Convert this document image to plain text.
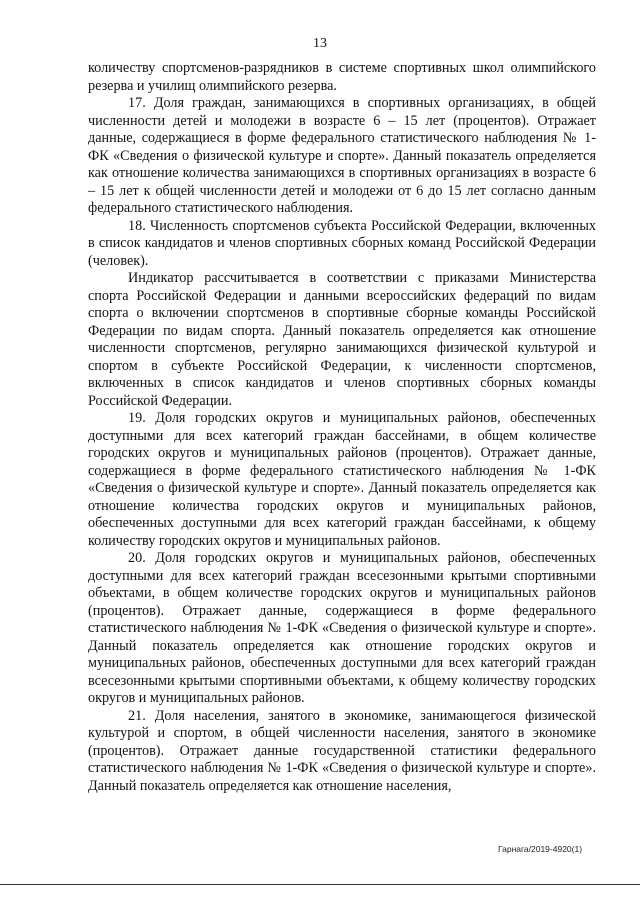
13

количеству спортсменов-разрядников в системе спортивных школ олимпийского резерва и училищ олимпийского резерва.

17. Доля граждан, занимающихся в спортивных организациях, в общей численности детей и молодежи в возрасте 6 – 15 лет (процентов). Отражает данные, содержащиеся в форме федерального статистического наблюдения № 1-ФК «Сведения о физической культуре и спорте». Данный показатель определяется как отношение количества занимающихся в спортивных организациях в возрасте 6 – 15 лет к общей численности детей и молодежи от 6 до 15 лет согласно данным федерального статистического наблюдения.

18. Численность спортсменов субъекта Российской Федерации, включенных в список кандидатов и членов спортивных сборных команд Российской Федерации (человек).

Индикатор рассчитывается в соответствии с приказами Министерства спорта Российской Федерации и данными всероссийских федераций по видам спорта о включении спортсменов в спортивные сборные команды Российской Федерации по видам спорта. Данный показатель определяется как отношение численности спортсменов, регулярно занимающихся физической культурой и спортом в субъекте Российской Федерации, к численности спортсменов, включенных в список кандидатов и членов спортивных сборных команды Российской Федерации.

19. Доля городских округов и муниципальных районов, обеспеченных доступными для всех категорий граждан бассейнами, в общем количестве городских округов и муниципальных районов (процентов). Отражает данные, содержащиеся в форме федерального статистического наблюдения № 1-ФК «Сведения о физической культуре и спорте». Данный показатель определяется как отношение количества городских округов и муниципальных районов, обеспеченных доступными для всех категорий граждан бассейнами, к общему количеству городских округов и муниципальных районов.

20. Доля городских округов и муниципальных районов, обеспеченных доступными для всех категорий граждан всесезонными крытыми спортивными объектами, в общем количестве городских округов и муниципальных районов (процентов). Отражает данные, содержащиеся в форме федерального статистического наблюдения № 1-ФК «Сведения о физической культуре и спорте». Данный показатель определяется как отношение городских округов и муниципальных районов, обеспеченных доступными для всех категорий граждан всесезонными крытыми спортивными объектами, к общему количеству городских округов и муниципальных районов.

21. Доля населения, занятого в экономике, занимающегося физической культурой и спортом, в общей численности населения, занятого в экономике (процентов). Отражает данные государственной статистики федерального статистического наблюдения № 1-ФК «Сведения о физической культуре и спорте». Данный показатель определяется как отношение населения,

Гарнага/2019-4920(1)
